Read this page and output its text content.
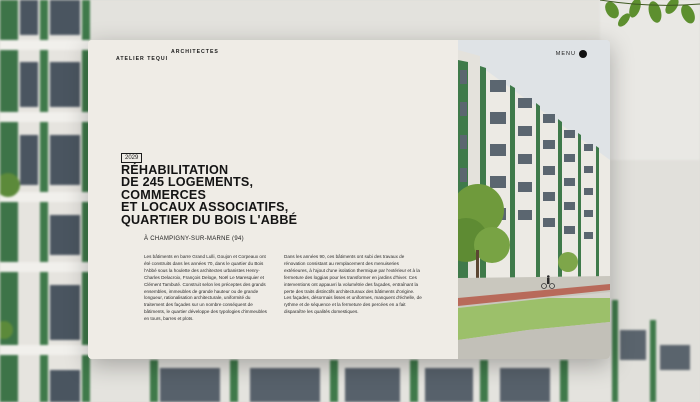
ARCHITECTES
ATELIER TEQUI
2029
RÉHABILITATION
DE 245 LOGEMENTS,
COMMERCES
ET LOCAUX ASSOCIATIFS,
QUARTIER DU BOIS L'ABBÉ
À CHAMPIGNY-SUR-MARNE (94)

Les bâtiments en barre Grand Lulli, Goujon et Corpeaux ont été construits dans les années 70, dans le quartier du Bois l'Abbé sous la houlette des architectes urbanistes Henry-Charles Delacroix, François Deloge, Noël Le Maresquier et Clément Tambuté. Construit selon les préceptes des grands ensembles, immeubles de grande hauteur ou de grande longueur, rationalisation architecturale, uniformité du traitement des façades sur un nombre conséquent de bâtiments, le quartier développe des typologies d'immeubles en tours, barres et plots.

Dans les années 90, ces bâtiments ont subi des travaux de rénovation consistant au remplacement des menuiseries extérieures, à l'ajout d'une isolation thermique par l'extérieur et à la fermeture des loggias pour les transformer en jardins d'hiver. Ces interventions ont appauvri la volumétrie des façades, entraînant la perte des traits distinctifs architecturaux des bâtiments d'origine. Les façades, désormais lisses et uniformes, manquent d'échelle, de rythme et de séquence et la fermeture des percées en a fait disparaître les qualités domestiques.

MENU
